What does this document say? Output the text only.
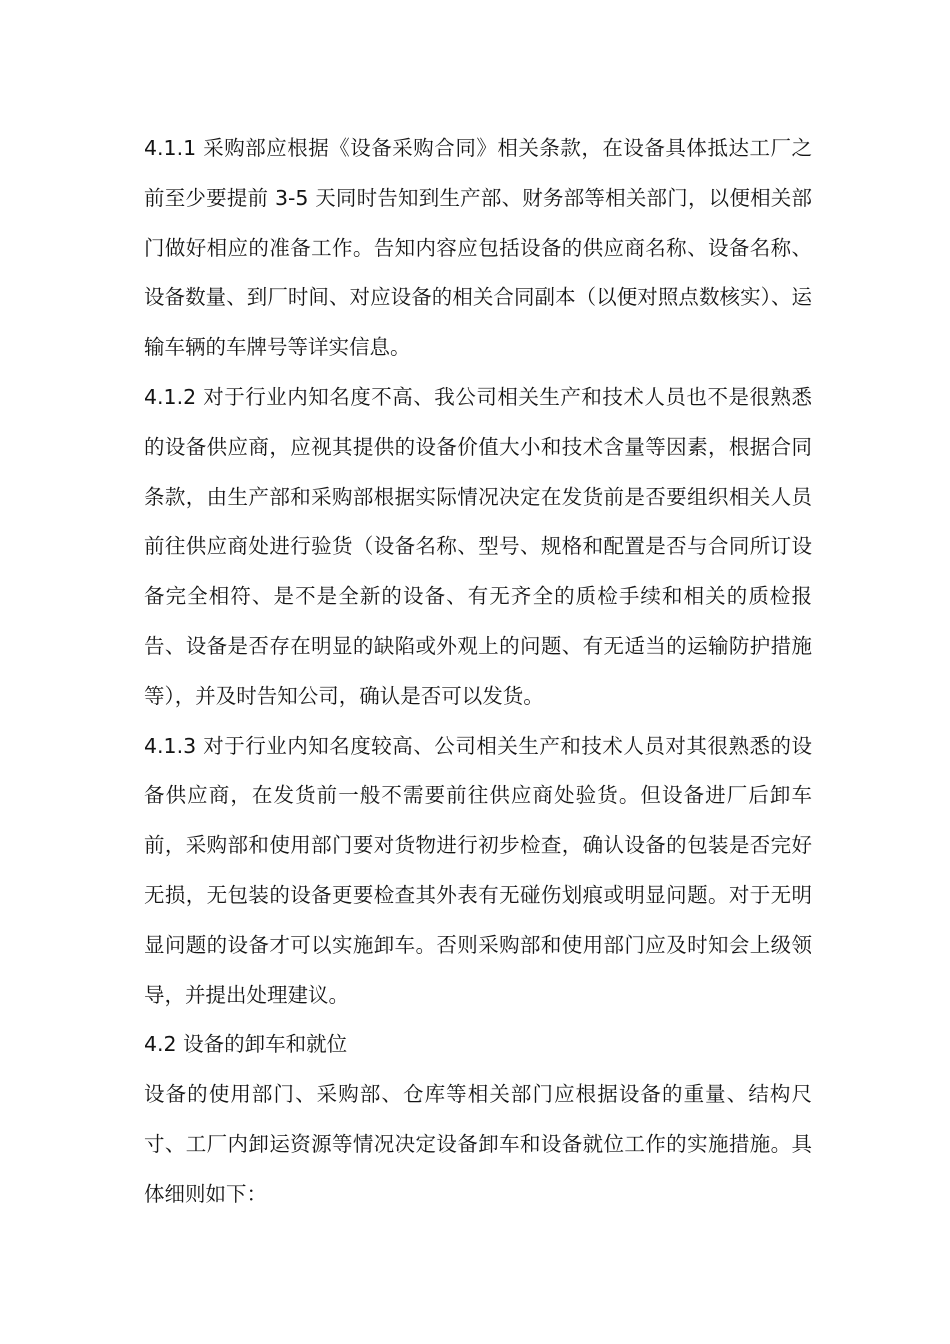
4.1.1 采购部应根据《设备采购合同》相关条款，在设备具体抵达工厂之前至少要提前 3-5 天同时告知到生产部、财务部等相关部门，以便相关部门做好相应的准备工作。告知内容应包括设备的供应商名称、设备名称、设备数量、到厂时间、对应设备的相关合同副本（以便对照点数核实）、运输车辆的车牌号等详实信息。

4.1.2 对于行业内知名度不高、我公司相关生产和技术人员也不是很熟悉的设备供应商，应视其提供的设备价值大小和技术含量等因素，根据合同条款，由生产部和采购部根据实际情况决定在发货前是否要组织相关人员前往供应商处进行验货（设备名称、型号、规格和配置是否与合同所订设备完全相符、是不是全新的设备、有无齐全的质检手续和相关的质检报告、设备是否存在明显的缺陷或外观上的问题、有无适当的运输防护措施等），并及时告知公司，确认是否可以发货。

4.1.3 对于行业内知名度较高、公司相关生产和技术人员对其很熟悉的设备供应商，在发货前一般不需要前往供应商处验货。但设备进厂后卸车前，采购部和使用部门要对货物进行初步检查，确认设备的包装是否完好无损，无包装的设备更要检查其外表有无碰伤划痕或明显问题。对于无明显问题的设备才可以实施卸车。否则采购部和使用部门应及时知会上级领导，并提出处理建议。

4.2 设备的卸车和就位

设备的使用部门、采购部、仓库等相关部门应根据设备的重量、结构尺寸、工厂内卸运资源等情况决定设备卸车和设备就位工作的实施措施。具体细则如下：
